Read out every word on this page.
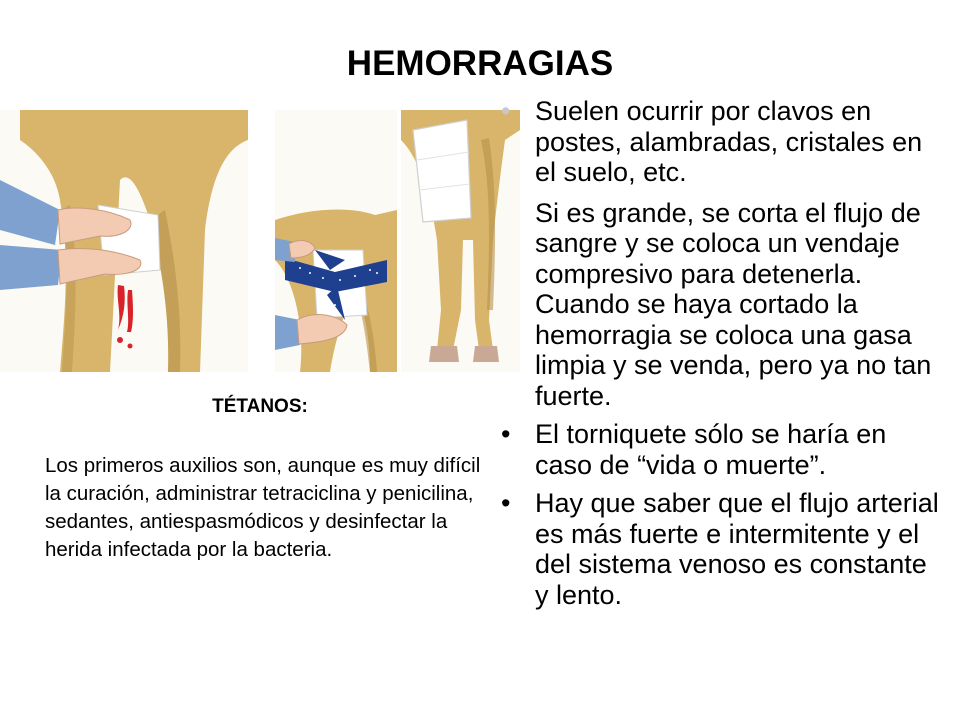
HEMORRAGIAS
TÉTANOS:
Los primeros auxilios son, aunque es muy difícil la curación, administrar tetraciclina y penicilina, sedantes, antiespasmódicos y desinfectar la herida infectada por la bacteria.
• Suelen ocurrir por clavos en postes, alambradas, cristales en el suelo, etc.
Si es grande, se corta el flujo de sangre y se coloca un vendaje compresivo para detenerla. Cuando se haya cortado la hemorragia se coloca una gasa limpia y se venda, pero ya no tan fuerte.
• El torniquete sólo se haría en caso de “vida o muerte”.
• Hay que saber que el flujo arterial es más fuerte e intermitente y el del sistema venoso es constante y lento.
